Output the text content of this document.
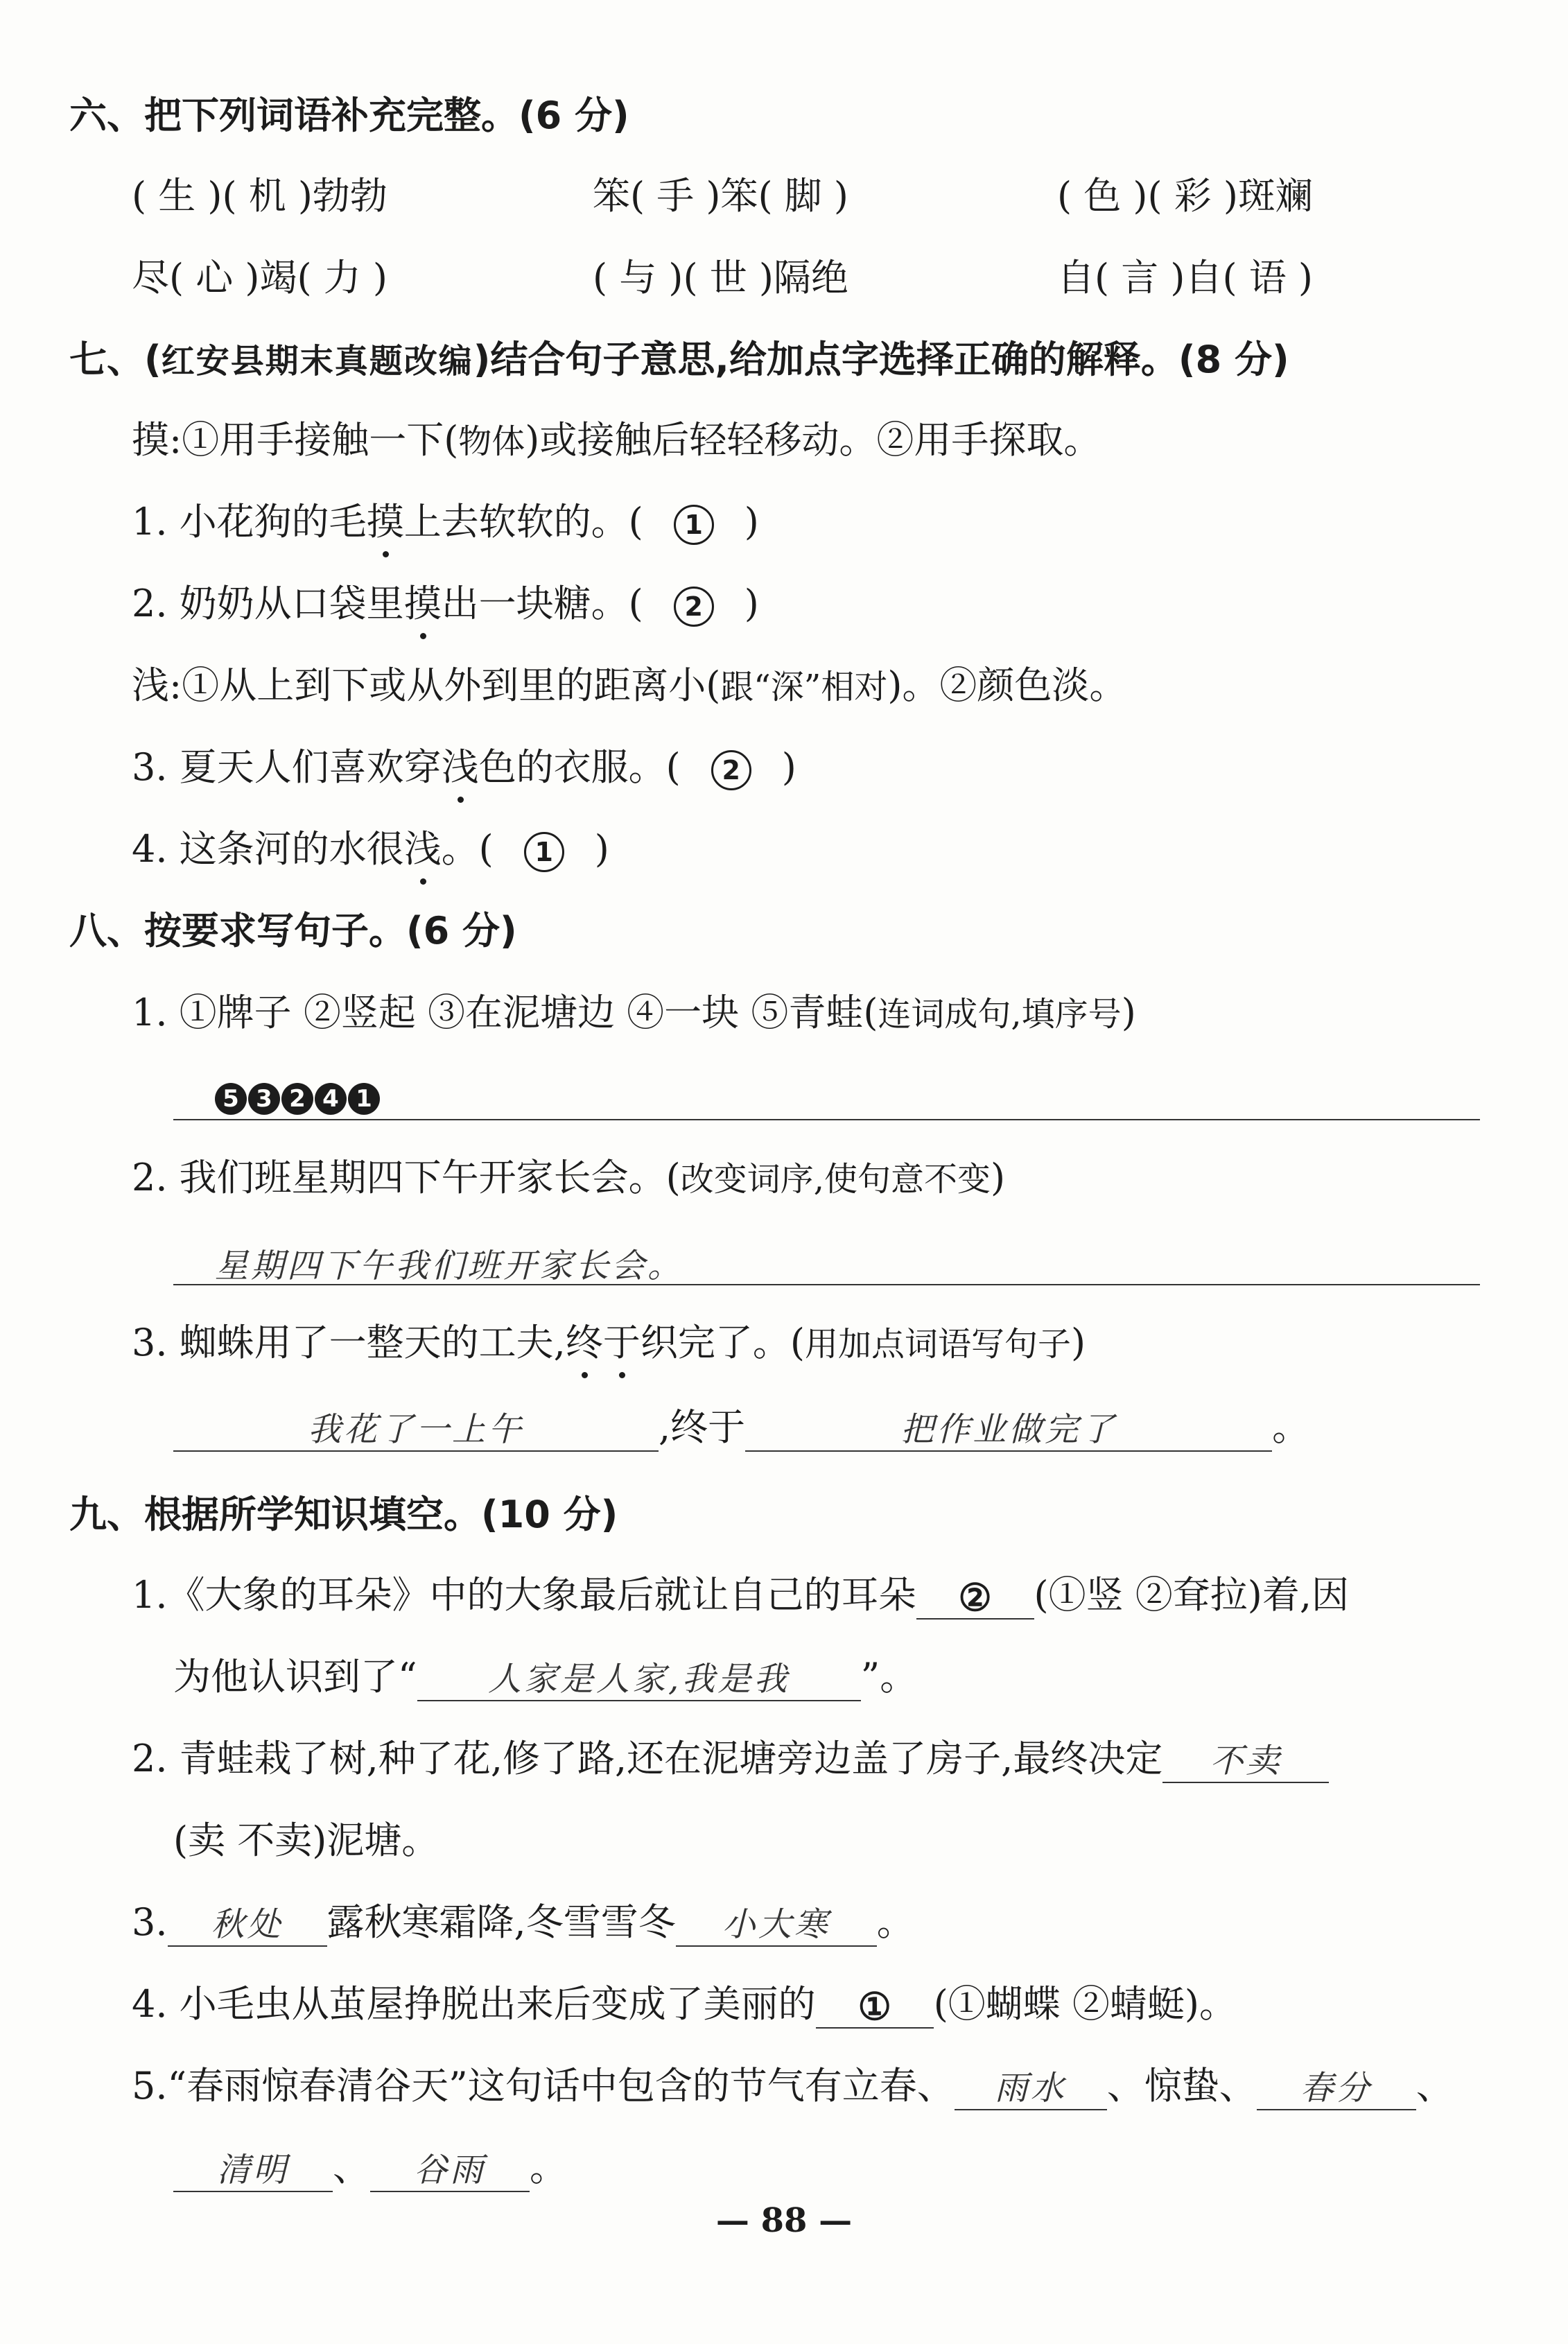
六、把下列词语补充完整。(6 分)
( 生 )( 机 )勃勃	笨( 手 )笨( 脚 )	( 色 )( 彩 )斑斓
尽( 心 )竭( 力 )	( 与 )( 世 )隔绝	自( 言 )自( 语 )
七、(红安县期末真题改编)结合句子意思,给加点字选择正确的解释。(8 分)
摸:①用手接触一下(物体)或接触后轻轻移动。②用手探取。
1. 小花狗的毛摸上去软软的。( 1 )
2. 奶奶从口袋里摸出一块糖。( 2 )
浅:①从上到下或从外到里的距离小(跟“深”相对)。②颜色淡。
3. 夏天人们喜欢穿浅色的衣服。( 2 )
4. 这条河的水很浅。( 1 )
八、按要求写句子。(6 分)
1. ①牌子 ②竖起 ③在泥塘边 ④一块 ⑤青蛙(连词成句,填序号)
5 3 2 4 1
2. 我们班星期四下午开家长会。(改变词序,使句意不变)
星期四下午我们班开家长会。
3. 蜘蛛用了一整天的工夫,终于织完了。(用加点词语写句子)
我花了一上午	,终于	把作业做完了	。
九、根据所学知识填空。(10 分)
1.《大象的耳朵》中的大象最后就让自己的耳朵 ② (①竖 ②耷拉)着,因
为他认识到了“ 人家是人家,我是我 ”。
2. 青蛙栽了树,种了花,修了路,还在泥塘旁边盖了房子,最终决定 不卖
(卖 不卖)泥塘。
3. 秋处 露秋寒霜降,冬雪雪冬 小大寒 。
4. 小毛虫从茧屋挣脱出来后变成了美丽的 ① (①蝴蝶 ②蜻蜓)。
5.“春雨惊春清谷天”这句话中包含的节气有立春、 雨水 、惊蛰、 春分 、
清明 、 谷雨 。
— 88 —
